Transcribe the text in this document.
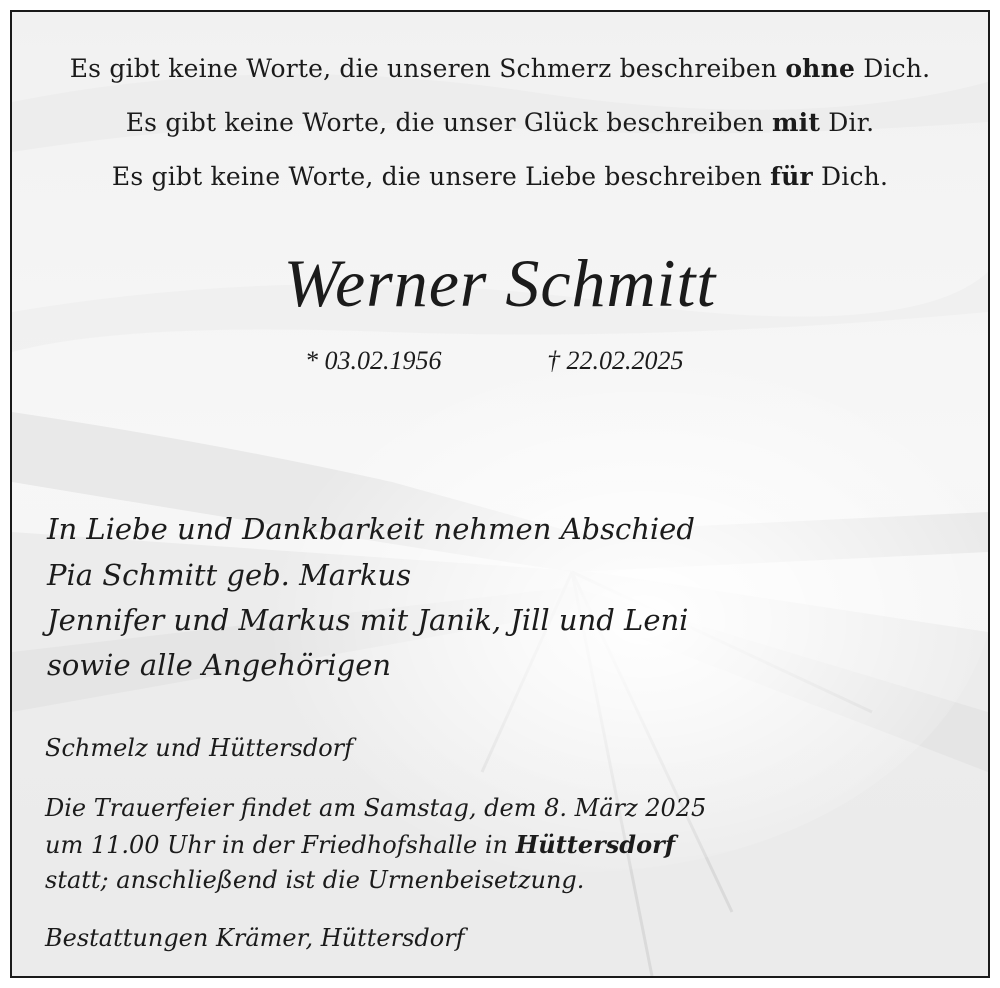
Es gibt keine Worte, die unseren Schmerz beschreiben ohne Dich.
Es gibt keine Worte, die unser Glück beschreiben mit Dir.
Es gibt keine Worte, die unsere Liebe beschreiben für Dich.
Werner Schmitt
* 03.02.1956	† 22.02.2025
In Liebe und Dankbarkeit nehmen Abschied
Pia Schmitt geb. Markus
Jennifer und Markus mit Janik, Jill und Leni
sowie alle Angehörigen
Schmelz und Hüttersdorf
Die Trauerfeier findet am Samstag, dem 8. März 2025
um 11.00 Uhr in der Friedhofshalle in Hüttersdorf
statt; anschließend ist die Urnenbeisetzung.
Bestattungen Krämer, Hüttersdorf
